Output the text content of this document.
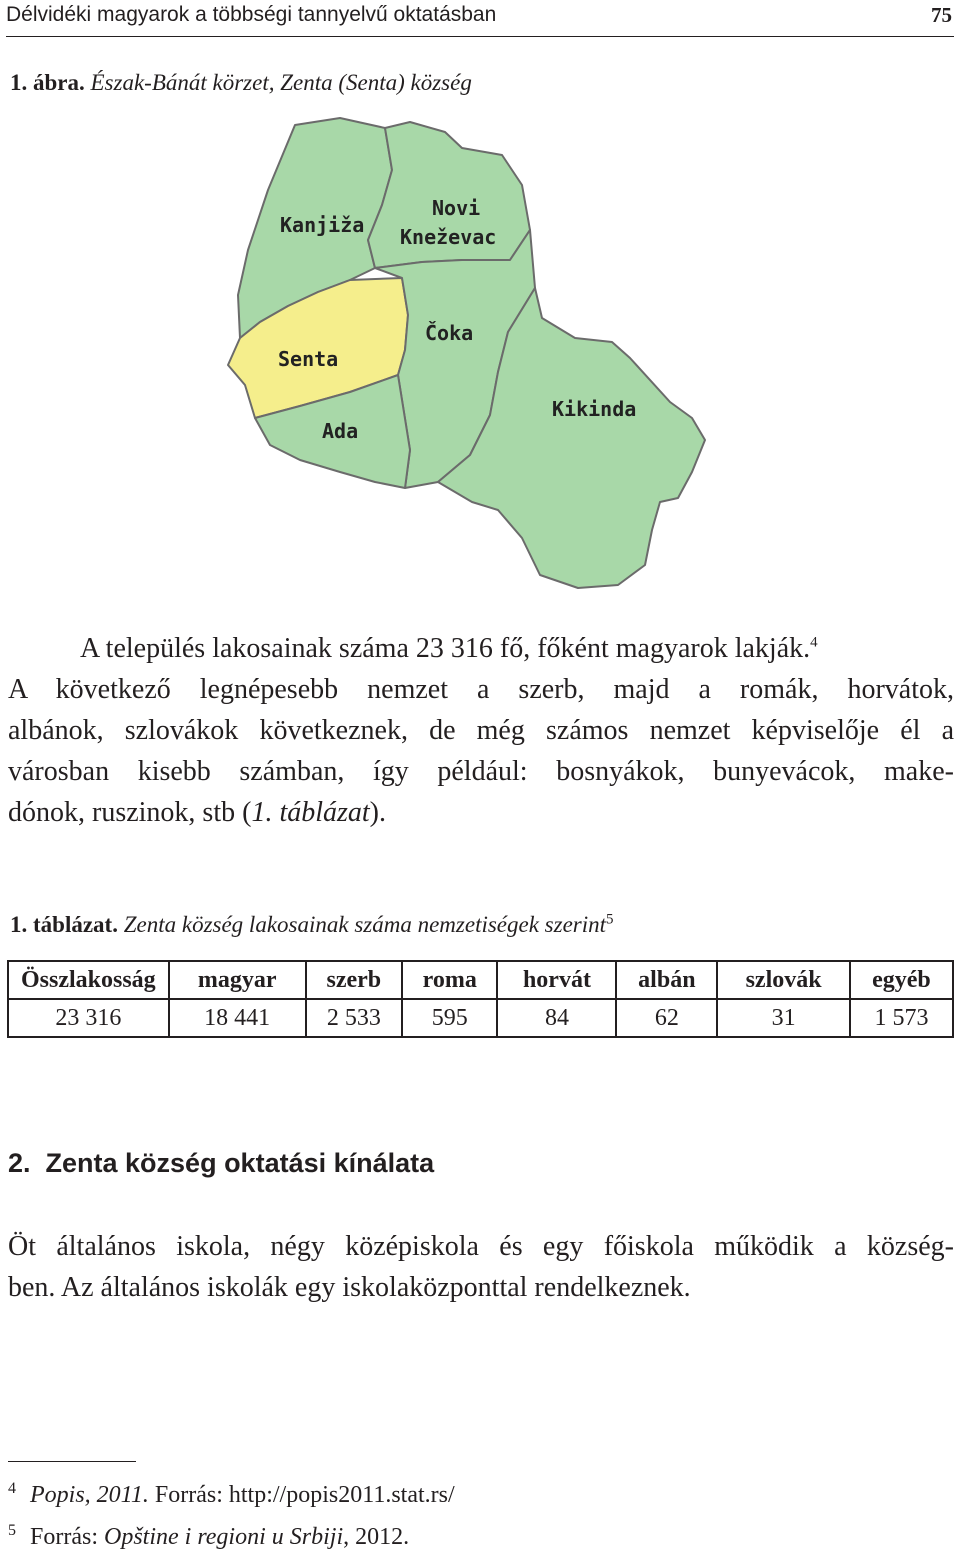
Délvidéki magyarok a többségi tannyelvű oktatásban	75
1. ábra. Észak-Bánát körzet, Zenta (Senta) község
Kanjiža
Novi
Kneževac
Senta
Čoka
Ada
Kikinda
A település lakosainak száma 23 316 fő, főként magyarok lakják.$^4$
A következő legnépesebb nemzet a szerb, majd a romák, horvátok,
albánok, szlovákok következnek, de még számos nemzet képviselője él a
városban kisebb számban, így például: bosnyákok, bunyevácok, make-
dónok, ruszinok, stb (1. táblázat).
1. táblázat. Zenta község lakosainak száma nemzetiségek szerint$^5$
Összlakosság	magyar	szerb	roma	horvát	albán	szlovák	egyéb
23 316	18 441	2 533	595	84	62	31	1 573
2.  Zenta község oktatási kínálata
Öt általános iskola, négy középiskola és egy főiskola működik a község-
ben. Az általános iskolák egy iskolaközponttal rendelkeznek.
$^4$ Popis, 2011. Forrás: http://popis2011.stat.rs/
$^5$ Forrás: Opštine i regioni u Srbiji, 2012.
